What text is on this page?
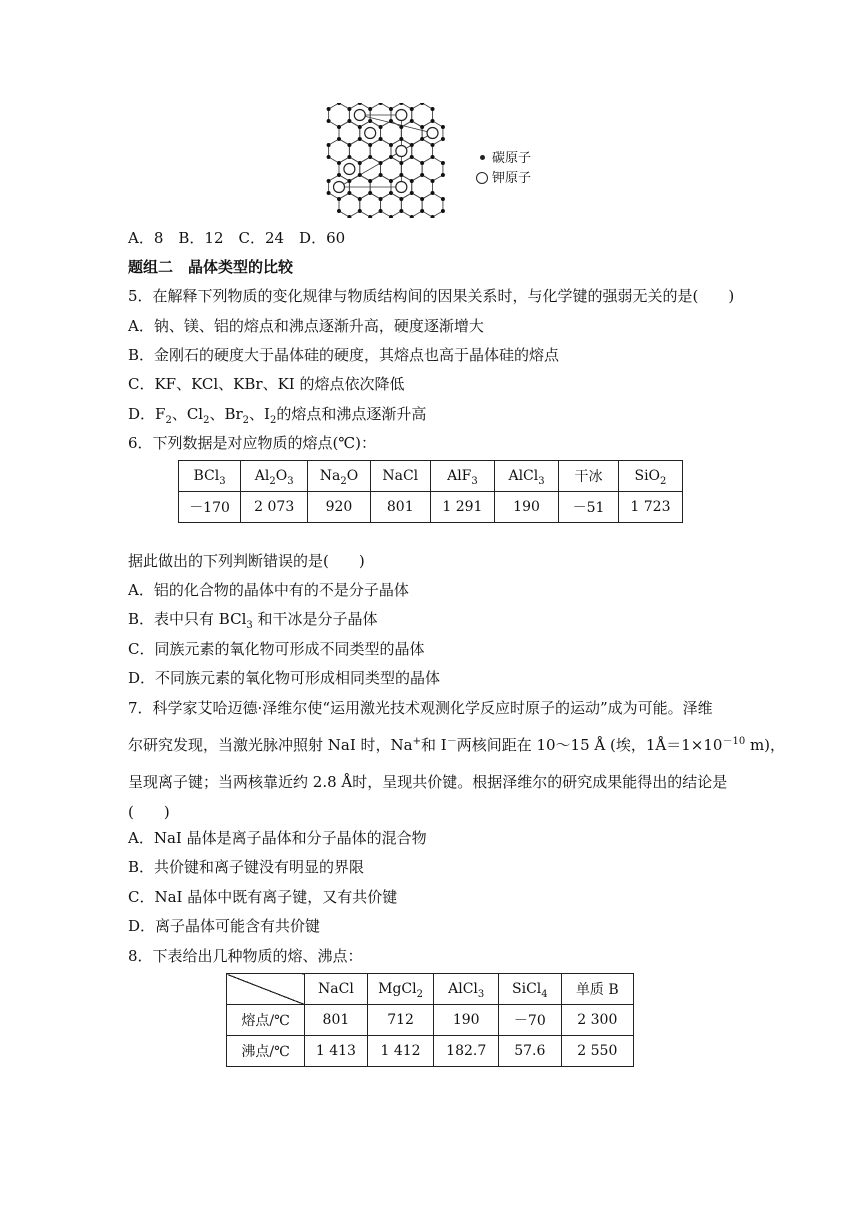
碳原子
钾原子
A．8　B．12　C．24　D．60
题组二　晶体类型的比较
5．在解释下列物质的变化规律与物质结构间的因果关系时，与化学键的强弱无关的是(　　)
A．钠、镁、铝的熔点和沸点逐渐升高，硬度逐渐增大
B．金刚石的硬度大于晶体硅的硬度，其熔点也高于晶体硅的熔点
C．KF、KCl、KBr、KI 的熔点依次降低
D．$F_2$、$Cl_2$、$Br_2$、$I_2$的熔点和沸点逐渐升高
6．下列数据是对应物质的熔点(℃)：
BCl$_3$	$Al_2O_3$	$Na_2O$	NaCl	AlF$_3$	AlCl$_3$	干冰	SiO$_2$
－170	2 073	920	801	1 291	190	－51	1 723
据此做出的下列判断错误的是(　　)
A．铝的化合物的晶体中有的不是分子晶体
B．表中只有 BCl$_3$ 和干冰是分子晶体
C．同族元素的氧化物可形成不同类型的晶体
D．不同族元素的氧化物可形成相同类型的晶体
7．科学家艾哈迈德·泽维尔使“运用激光技术观测化学反应时原子的运动”成为可能。泽维
尔研究发现，当激光脉冲照射 NaI 时，Na+和 I－两核间距在 10～15 Å (埃，$1Å=1\times 10^{-10}$ m)，
呈现离子键；当两核靠近约 2.8 Å时，呈现共价键。根据泽维尔的研究成果能得出的结论是
(　　)
A．NaI 晶体是离子晶体和分子晶体的混合物
B．共价键和离子键没有明显的界限
C．NaI 晶体中既有离子键，又有共价键
D．离子晶体可能含有共价键
8．下表给出几种物质的熔、沸点：
	NaCl	MgCl$_2$	AlCl$_3$	SiCl$_4$	单质 B
熔点/℃	801	712	190	－70	2 300
沸点/℃	1 413	1 412	182.7	57.6	2 550
